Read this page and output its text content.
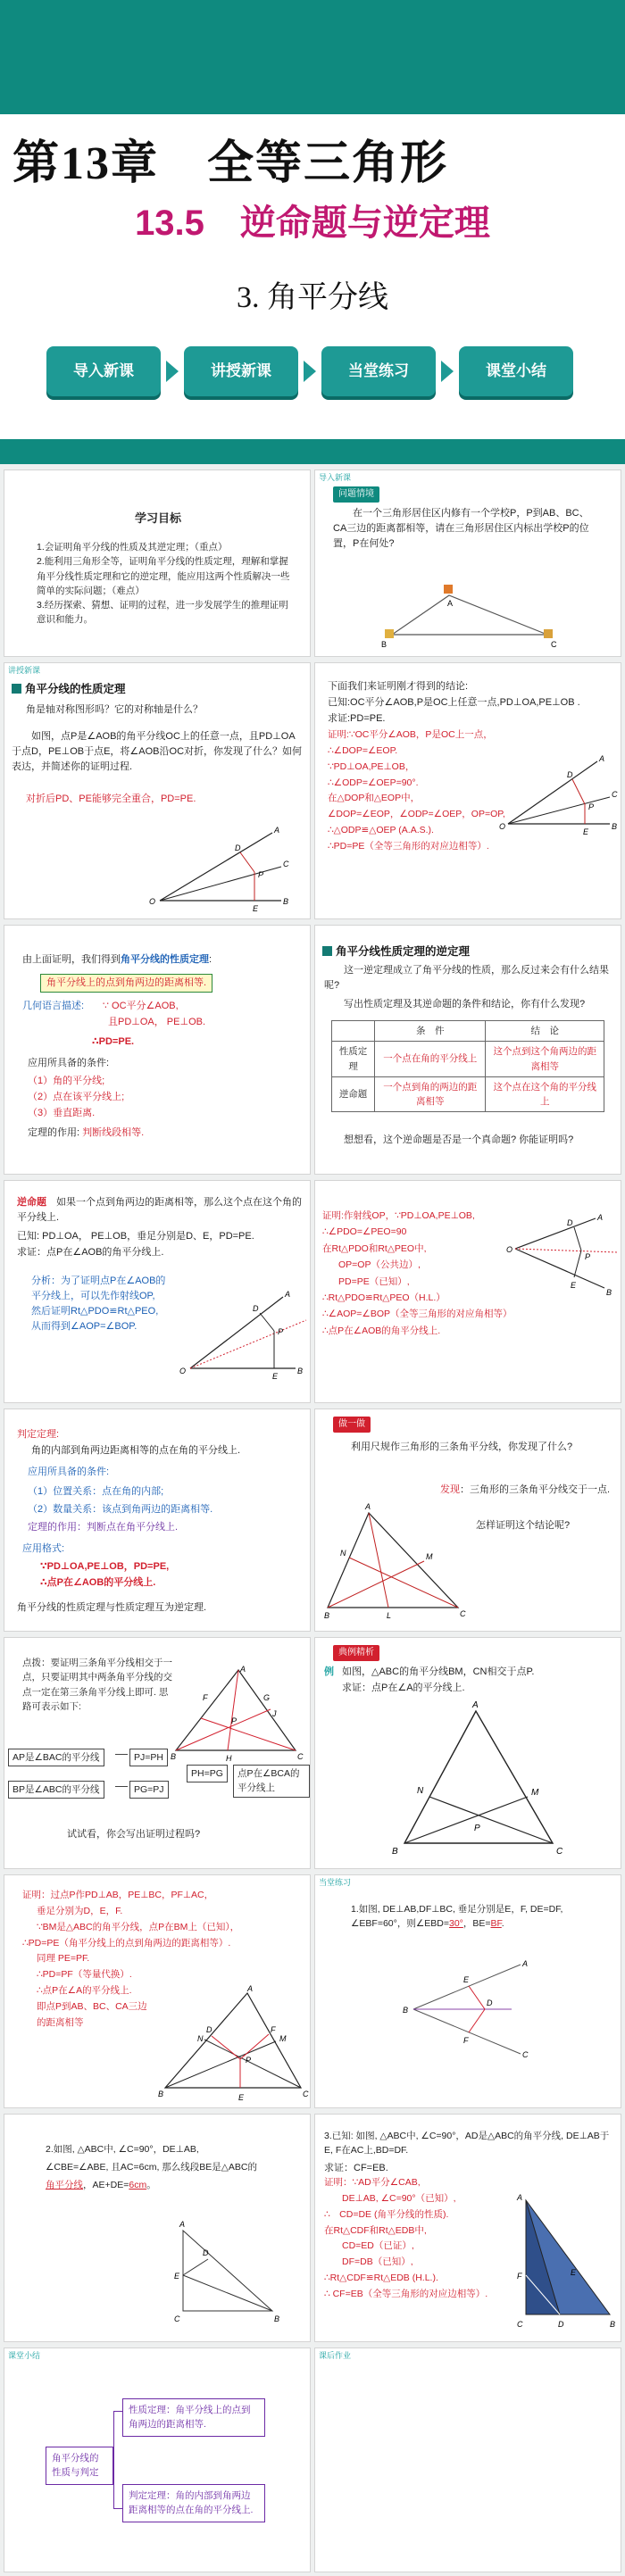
第13章　全等三角形
13.5　逆命题与逆定理
3. 角平分线
导入新课	讲授新课	当堂练习	课堂小结
学习目标
1.会证明角平分线的性质及其逆定理；（重点）
2.能利用三角形全等，证明角平分线的性质定理，理解和掌握角平分线性质定理和它的逆定理，能应用这两个性质解决一些简单的实际问题；（难点）
3.经历探索、猜想、证明的过程，进一步发展学生的推理证明意识和能力。
导入新课
问题情境
在一个三角形居住区内修有一个学校P，P到AB、BC、CA三边的距离都相等，请在三角形居住区内标出学校P的位置，P在何处?
A
B	C
讲授新课
角平分线的性质定理
角是轴对称图形吗？它的对称轴是什么？
如图，点P是∠AOB的角平分线OC上的任意一点，且PD⊥OA于点D，PE⊥OB于点E，将∠AOB沿OC对折，你发现了什么？如何表达，并简述你的证明过程.
对折后PD、PE能够完全重合，PD=PE.
A
D
C
P
O
E
B
下面我们来证明刚才得到的结论:
已知:OC平分∠AOB,P是OC上任意一点,PD⊥OA,PE⊥OB .
求证:PD=PE.
证明:∵OC平分∠AOB，P是OC上一点，
∴∠DOP=∠EOP.
∵PD⊥OA,PE⊥OB，
∴∠ODP=∠OEP=90°.
在△DOP和△EOP中，
∠DOP=∠EOP，∠ODP=∠OEP，OP=OP,
∴△ODP≌△OEP (A.A.S.).
∴PD=PE（全等三角形的对应边相等）.
A
D
C
P
O
E
B
由上面证明，我们得到角平分线的性质定理:
角平分线上的点到角两边的距离相等.
几何语言描述: ∵ OC平分∠AOB,
且PD⊥OA， PE⊥OB.
∴PD=PE.
应用所具备的条件:
（1）角的平分线;
（2）点在该平分线上;
（3）垂直距离.
定理的作用: 判断线段相等.
角平分线性质定理的逆定理
这一逆定理成立了角平分线的性质，那么反过来会有什么结果呢?
写出性质定理及其逆命题的条件和结论，你有什么发现?
	条　件	结　论
性质定理	一个点在角的平分线上	这个点到这个角两边的距离相等
逆命题	一个点到角的两边的距离相等	这个点在这个角的平分线上
想想看，这个逆命题是否是一个真命题? 你能证明吗?
逆命题　如果一个点到角两边的距离相等，那么这个点在这个角的平分线上.
已知: PD⊥OA， PE⊥OB，垂足分别是D、E，PD=PE.
求证：点P在∠AOB的角平分线上.
分析：为了证明点P在∠AOB的平分线上，可以先作射线OP,
然后证明Rt△PDO≌Rt△PEO,
从而得到∠AOP=∠BOP.
A
D
P
O
E
B
证明:作射线OP，∵PD⊥OA,PE⊥OB,
∴∠PDO=∠PEO=90
在Rt△PDO和Rt△PEO中,
OP=OP（公共边）,
PD=PE（已知）,
∴Rt△PDO≌Rt△PEO（H.L.）
∴∠AOP=∠BOP（全等三角形的对应角相等）
∴点P在∠AOB的角平分线上.
A
D
P
O
E
B
判定定理:
角的内部到角两边距离相等的点在角的平分线上.
应用所具备的条件:
（1）位置关系：点在角的内部;
（2）数量关系：该点到角两边的距离相等.
定理的作用：判断点在角平分线上.
应用格式:
∵PD⊥OA,PE⊥OB，PD=PE,
∴点P在∠AOB的平分线上.
角平分线的性质定理与性质定理互为逆定理.
做一做
利用尺规作三角形的三条角平分线，你发现了什么?
发现：三角形的三条角平分线交于一点.
怎样证明这个结论呢?
A
B	C
M
N
L
点拨：要证明三条角平分线相交于一点，只要证明其中两条角平分线的交点一定在第三条角平分线上即可. 思路可表示如下:
A
B	C
F	G
H
J
P
AP是∠BAC的平分线
BP是∠ABC的平分线
PJ=PH
PG=PJ
PH=PG	点P在∠BCA的平分线上
试试看，你会写出证明过程吗?
典例精析
例 如图，△ABC的角平分线BM，CN相交于点P.
求证：点P在∠A的平分线上.
A
B	C
M
N
P
证明：过点P作PD⊥AB，PE⊥BC，PF⊥AC，
垂足分别为D，E，F.
∵BM是△ABC的角平分线，点P在BM上（已知），
∴PD=PE（角平分线上的点到角两边的距离相等）.
同理 PE=PF.
∴PD=PF（等量代换）.
∴点P在∠A的平分线上.
即点P到AB、BC、CA三边的距离相等
A
B	C
D
E
F
M
N
P
当堂练习
1.如图, DE⊥AB,DF⊥BC, 垂足分别是E，F, DE=DF, ∠EBF=60°，则∠EBD=30°，BE=BF.
A
B
C
D
E
F
2.如图, △ABC中, ∠C=90°，DE⊥AB, ∠CBE=∠ABE, 且AC=6cm, 那么线段BE是△ABC的角平分线，AE+DE=6cm。
A
B
C
D
E
3.已知: 如图, △ABC中, ∠C=90°，AD是△ABC的角平分线, DE⊥AB于E, F在AC上,BD=DF.
求证：CF=EB.
证明：∵AD平分∠CAB,
DE⊥AB, ∠C=90°（已知）,
∴　CD=DE (角平分线的性质).
在Rt△CDF和Rt△EDB中,
CD=ED（已证）,
DF=DB（已知）,
∴Rt△CDF≌Rt△EDB (H.L.).
∴ CF=EB（全等三角形的对应边相等）.
A
B
C	D
E
F
课堂小结
角平分线的性质与判定
性质定理：角平分线上的点到角两边的距离相等.
判定定理：角的内部到角两边距离相等的点在角的平分线上.
课后作业
